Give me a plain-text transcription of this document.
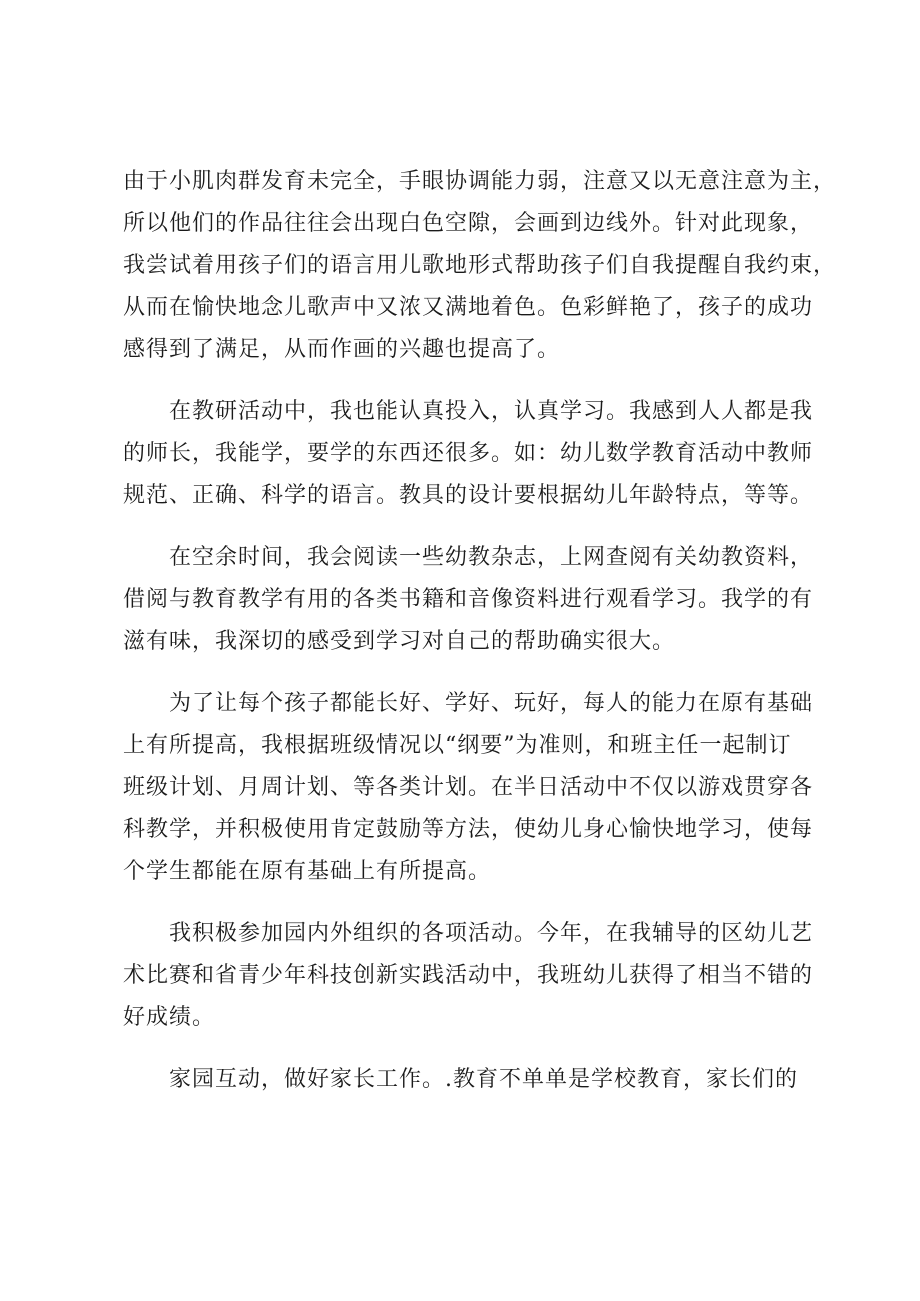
由于小肌肉群发育未完全，手眼协调能力弱，注意又以无意注意为主，
所以他们的作品往往会出现白色空隙，会画到边线外。针对此现象，
我尝试着用孩子们的语言用儿歌地形式帮助孩子们自我提醒自我约束，
从而在愉快地念儿歌声中又浓又满地着色。色彩鲜艳了，孩子的成功
感得到了满足，从而作画的兴趣也提高了。
　　在教研活动中，我也能认真投入，认真学习。我感到人人都是我
的师长，我能学，要学的东西还很多。如：幼儿数学教育活动中教师
规范、正确、科学的语言。教具的设计要根据幼儿年龄特点，等等。
　　在空余时间，我会阅读一些幼教杂志，上网查阅有关幼教资料，
借阅与教育教学有用的各类书籍和音像资料进行观看学习。我学的有
滋有味，我深切的感受到学习对自己的帮助确实很大。
　　为了让每个孩子都能长好、学好、玩好，每人的能力在原有基础
上有所提高，我根据班级情况以“纲要”为准则，和班主任一起制订
班级计划、月周计划、等各类计划。在半日活动中不仅以游戏贯穿各
科教学，并积极使用肯定鼓励等方法，使幼儿身心愉快地学习，使每
个学生都能在原有基础上有所提高。
　　我积极参加园内外组织的各项活动。今年，在我辅导的区幼儿艺
术比赛和省青少年科技创新实践活动中，我班幼儿获得了相当不错的
好成绩。
　　家园互动，做好家长工作。.教育不单单是学校教育，家长们的
